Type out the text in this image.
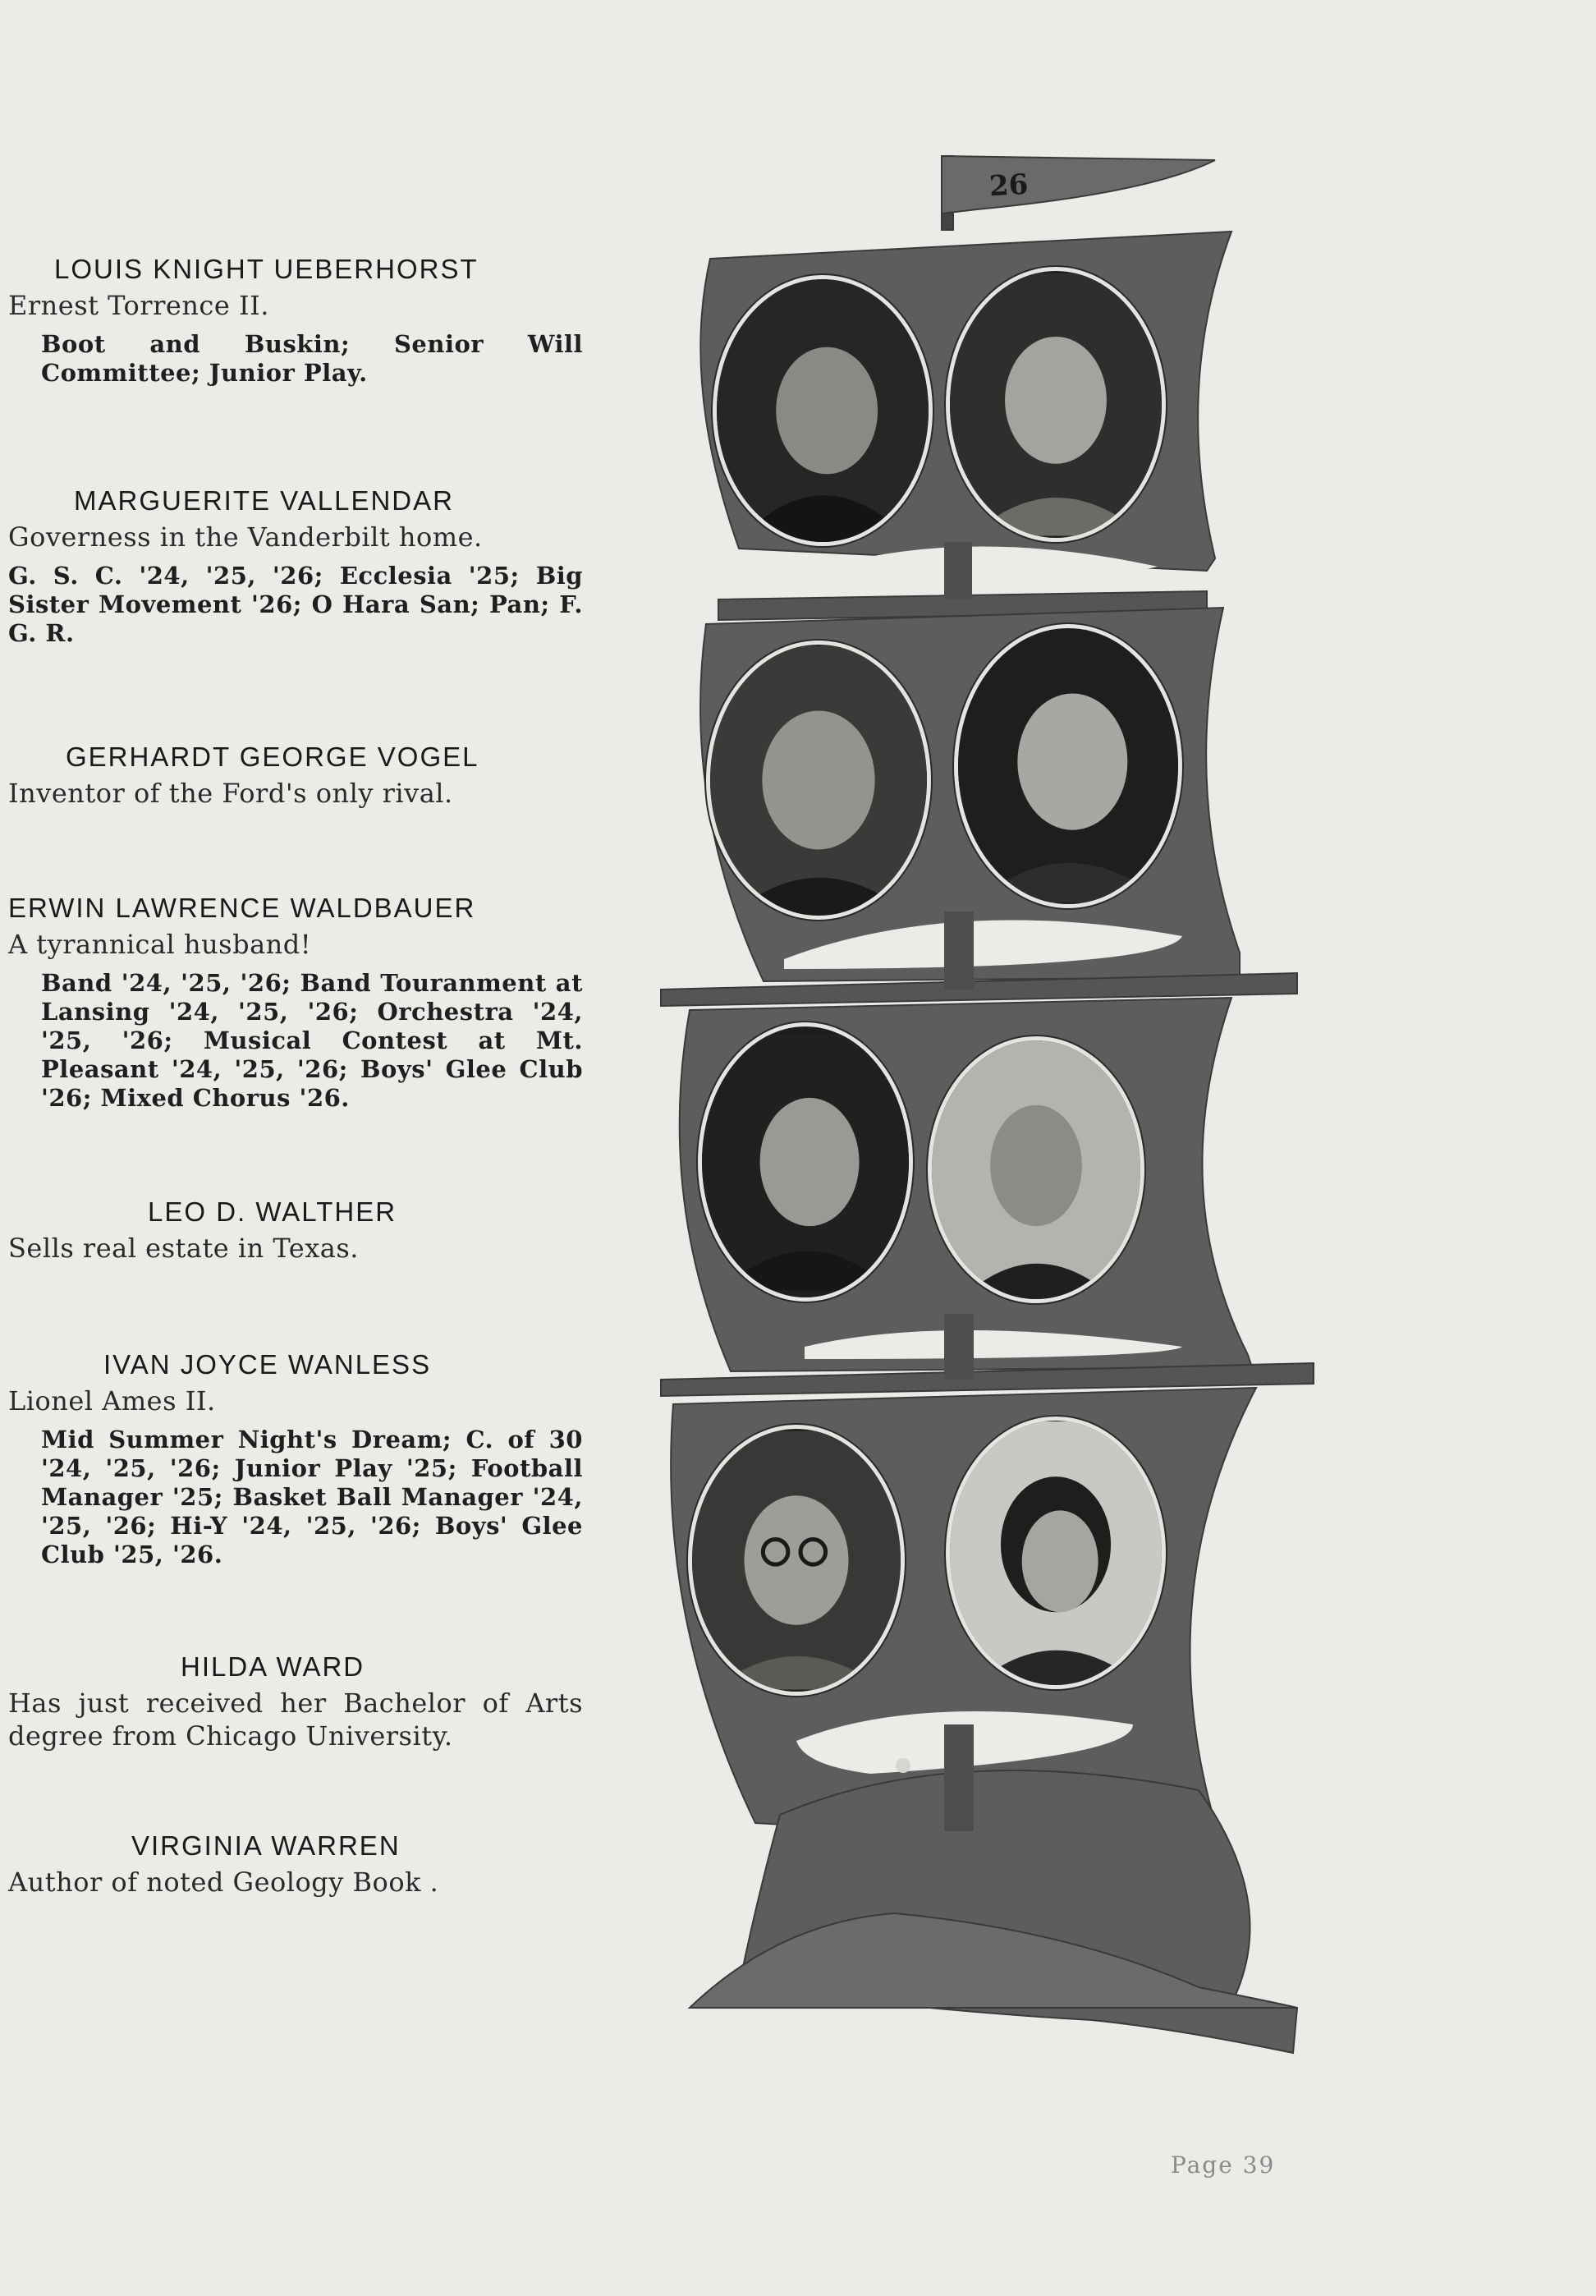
LOUIS KNIGHT UEBERHORST
Ernest Torrence II.
Boot and Buskin; Senior Will Committee; Junior Play.
MARGUERITE VALLENDAR
Governess in the Vanderbilt home.
G. S. C. '24, '25, '26; Ecclesia '25; Big Sister Movement '26; O Hara San; Pan; F. G. R.
GERHARDT GEORGE VOGEL
Inventor of the Ford's only rival.
ERWIN LAWRENCE WALDBAUER
A tyrannical husband!
Band '24, '25, '26; Band Touranment at Lansing '24, '25, '26; Orchestra '24, '25, '26; Musical Contest at Mt. Pleasant '24, '25, '26; Boys' Glee Club '26; Mixed Chorus '26.
LEO D. WALTHER
Sells real estate in Texas.
IVAN JOYCE WANLESS
Lionel Ames II.
Mid Summer Night's Dream; C. of 30 '24, '25, '26; Junior Play '25; Football Manager '25; Basket Ball Manager '24, '25, '26; Hi-Y '24, '25, '26; Boys' Glee Club '25, '26.
HILDA WARD
Has just received her Bachelor of Arts degree from Chicago University.
VIRGINIA WARREN
Author of noted Geology Book .
26
Page 39
